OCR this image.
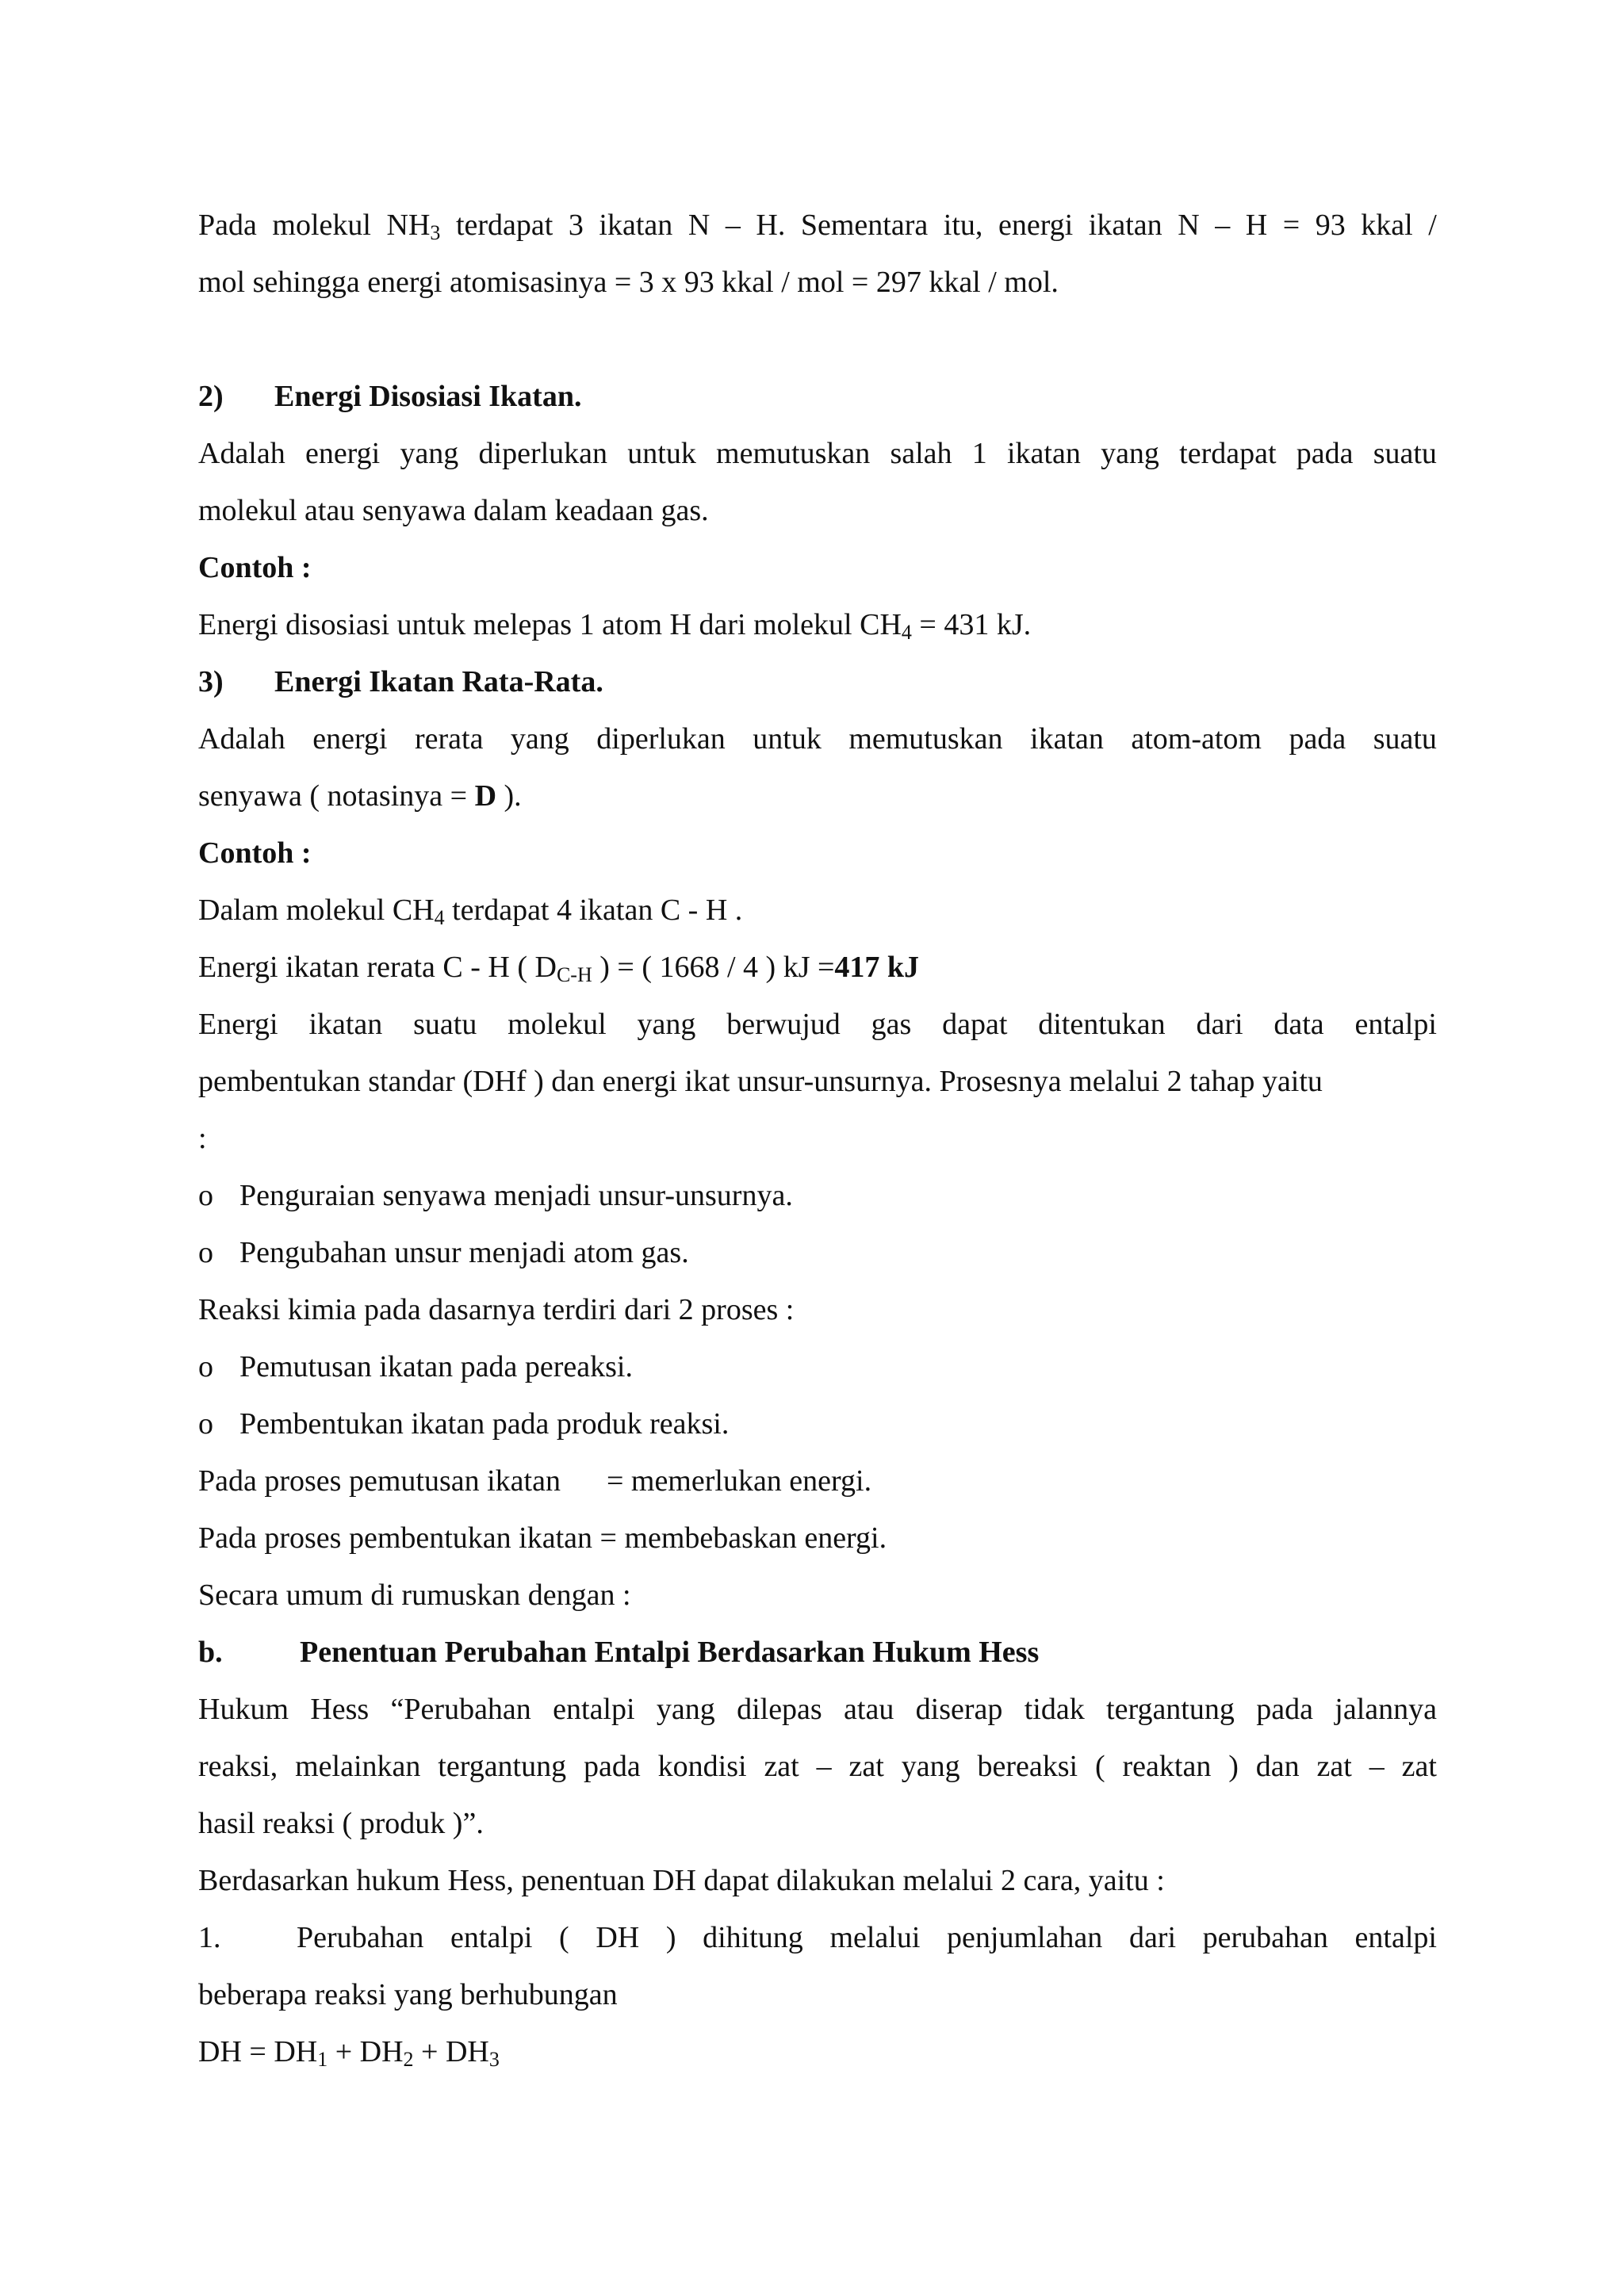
Pada molekul $NH_3$ terdapat 3 ikatan N – H. Sementara itu, energi ikatan N – H = 93 kkal /
mol sehingga energi atomisasinya = 3 x 93 kkal / mol = 297 kkal / mol.
2) Energi Disosiasi Ikatan.
Adalah energi yang diperlukan untuk memutuskan salah 1 ikatan yang terdapat pada suatu
molekul atau senyawa dalam keadaan gas.
Contoh :
Energi disosiasi untuk melepas 1 atom H dari molekul $CH_4 = 431$ kJ.
3) Energi Ikatan Rata-Rata.
Adalah energi rerata yang diperlukan untuk memutuskan ikatan atom-atom pada suatu
senyawa ( notasinya = D ).
Contoh :
Dalam molekul $CH_4$ terdapat 4 ikatan C - H .
Energi ikatan rerata C - H ( $D_{C-H}$ ) = ( 1668 / 4 ) kJ =417 kJ
Energi ikatan suatu molekul yang berwujud gas dapat ditentukan dari data entalpi
pembentukan standar (DHf ) dan energi ikat unsur-unsurnya. Prosesnya melalui 2 tahap yaitu
:
o Penguraian senyawa menjadi unsur-unsurnya.
o Pengubahan unsur menjadi atom gas.
Reaksi kimia pada dasarnya terdiri dari 2 proses :
o Pemutusan ikatan pada pereaksi.
o Pembentukan ikatan pada produk reaksi.
Pada proses pemutusan ikatan = memerlukan energi.
Pada proses pembentukan ikatan = membebaskan energi.
Secara umum di rumuskan dengan :
b.	Penentuan Perubahan Entalpi Berdasarkan Hukum Hess
Hukum Hess “Perubahan entalpi yang dilepas atau diserap tidak tergantung pada jalannya
reaksi, melainkan tergantung pada kondisi zat – zat yang bereaksi ( reaktan ) dan zat – zat
hasil reaksi ( produk )”.
Berdasarkan hukum Hess, penentuan DH dapat dilakukan melalui 2 cara, yaitu :
1.	Perubahan entalpi ( DH ) dihitung melalui penjumlahan dari perubahan entalpi
beberapa reaksi yang berhubungan
DH = $DH_1 + DH_2 + DH_3$
